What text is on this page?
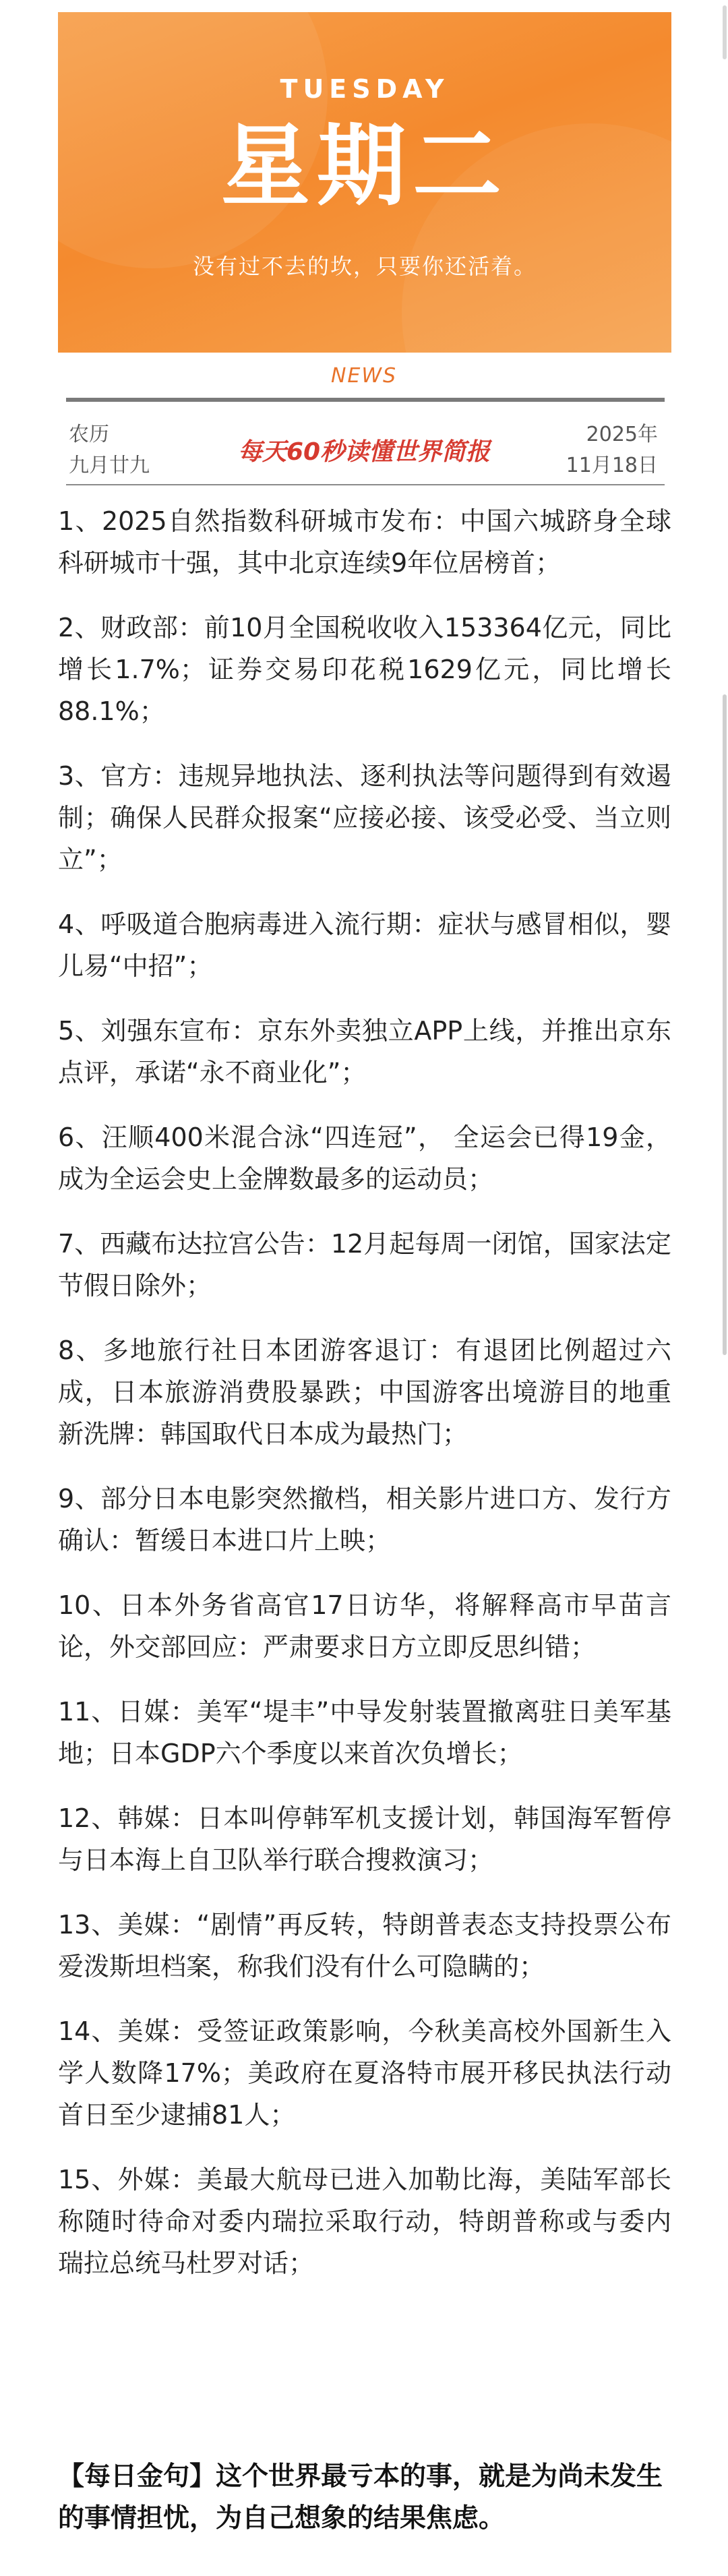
TUESDAY
星期二
没有过不去的坎，只要你还活着。
NEWS
农历
九月廿九	每天60秒读懂世界简报
2025年
11月18日
1、2025自然指数科研城市发布：中国六城跻身全球科研城市十强，其中北京连续9年位居榜首；
2、财政部：前10月全国税收收入153364亿元，同比增长1.7%；证券交易印花税1629亿元，同比增长88.1%；
3、官方：违规异地执法、逐利执法等问题得到有效遏制；确保人民群众报案“应接必接、该受必受、当立则立”；
4、呼吸道合胞病毒进入流行期：症状与感冒相似，婴儿易“中招”；
5、刘强东宣布：京东外卖独立APP上线，并推出京东点评，承诺“永不商业化”；
6、汪顺400米混合泳“四连冠”， 全运会已得19金，成为全运会史上金牌数最多的运动员；
7、西藏布达拉宫公告：12月起每周一闭馆，国家法定节假日除外；
8、多地旅行社日本团游客退订：有退团比例超过六成，日本旅游消费股暴跌；中国游客出境游目的地重新洗牌：韩国取代日本成为最热门；
9、部分日本电影突然撤档，相关影片进口方、发行方确认：暂缓日本进口片上映；
10、日本外务省高官17日访华，将解释高市早苗言论，外交部回应：严肃要求日方立即反思纠错；
11、日媒：美军“堤丰”中导发射装置撤离驻日美军基地；日本GDP六个季度以来首次负增长；
12、韩媒：日本叫停韩军机支援计划，韩国海军暂停与日本海上自卫队举行联合搜救演习；
13、美媒：“剧情”再反转，特朗普表态支持投票公布爱泼斯坦档案，称我们没有什么可隐瞒的；
14、美媒：受签证政策影响，今秋美高校外国新生入学人数降17%；美政府在夏洛特市展开移民执法行动 首日至少逮捕81人；
15、外媒：美最大航母已进入加勒比海，美陆军部长称随时待命对委内瑞拉采取行动，特朗普称或与委内瑞拉总统马杜罗对话；
【每日金句】这个世界最亏本的事，就是为尚未发生的事情担忧，为自己想象的结果焦虑。
